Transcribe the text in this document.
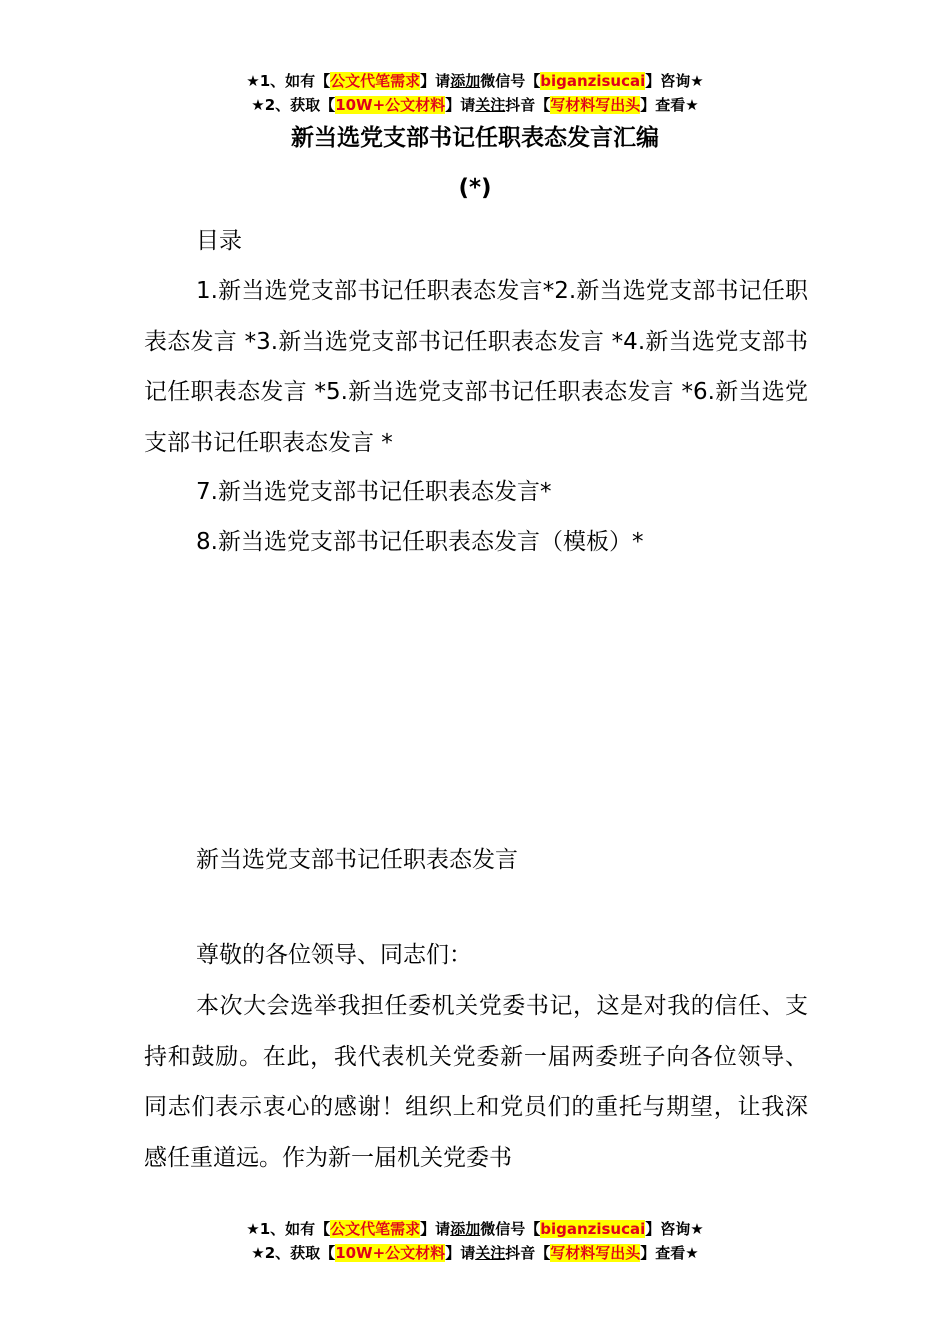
★1、如有【公文代笔需求】请添加微信号【biganzisucai】咨询★
★2、获取【10W+公文材料】请关注抖音【写材料写出头】查看★
新当选党支部书记任职表态发言汇编
(*)
目录
1.新当选党支部书记任职表态发言*2.新当选党支部书记任职表态发言 *3.新当选党支部书记任职表态发言 *4.新当选党支部书记任职表态发言 *5.新当选党支部书记任职表态发言 *6.新当选党支部书记任职表态发言 *
7.新当选党支部书记任职表态发言*
8.新当选党支部书记任职表态发言（模板）*
新当选党支部书记任职表态发言
尊敬的各位领导、同志们：
本次大会选举我担任委机关党委书记，这是对我的信任、支持和鼓励。在此，我代表机关党委新一届两委班子向各位领导、同志们表示衷心的感谢！组织上和党员们的重托与期望，让我深感任重道远。作为新一届机关党委书
★1、如有【公文代笔需求】请添加微信号【biganzisucai】咨询★
★2、获取【10W+公文材料】请关注抖音【写材料写出头】查看★
